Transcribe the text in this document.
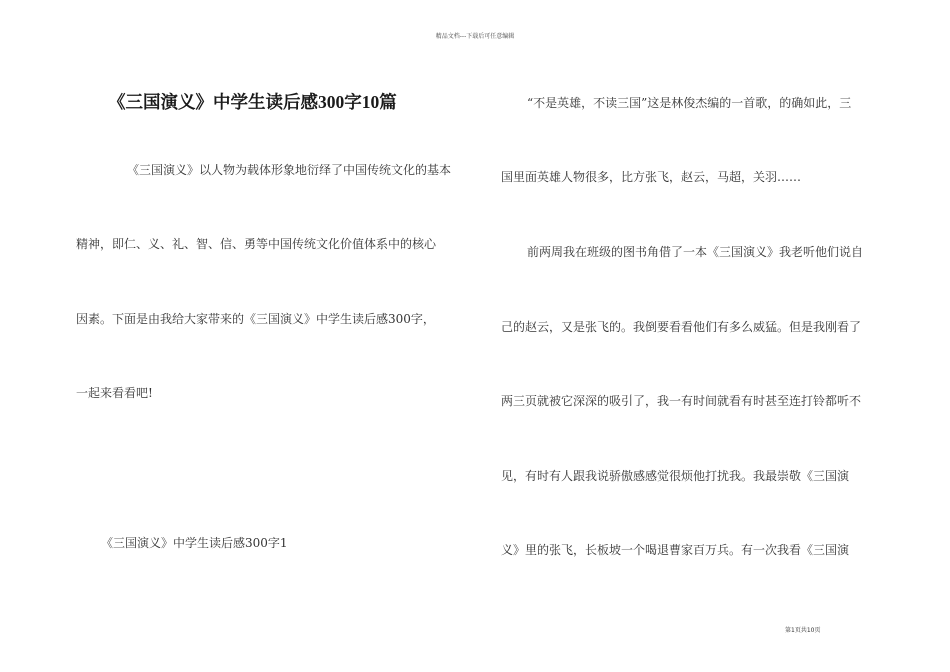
精品文档---下载后可任意编辑
《三国演义》中学生读后感300字10篇

《三国演义》以人物为载体形象地衍绎了中国传统文化的基本

精神，即仁、义、礼、智、信、勇等中国传统文化价值体系中的核心

因素。下面是由我给大家带来的《三国演义》中学生读后感300字，

一起来看看吧!

《三国演义》中学生读后感300字1

“不是英雄，不读三国”这是林俊杰编的一首歌，的确如此，三

国里面英雄人物很多，比方张飞，赵云，马超，关羽……

前两周我在班级的图书角借了一本《三国演义》我老听他们说自

己的赵云，又是张飞的。我倒要看看他们有多么威猛。但是我刚看了

两三页就被它深深的吸引了，我一有时间就看有时甚至连打铃都听不

见，有时有人跟我说骄傲感感觉很烦他打扰我。我最崇敬《三国演

义》里的张飞，长板坡一个喝退曹家百万兵。有一次我看《三国演

第1页共10页
